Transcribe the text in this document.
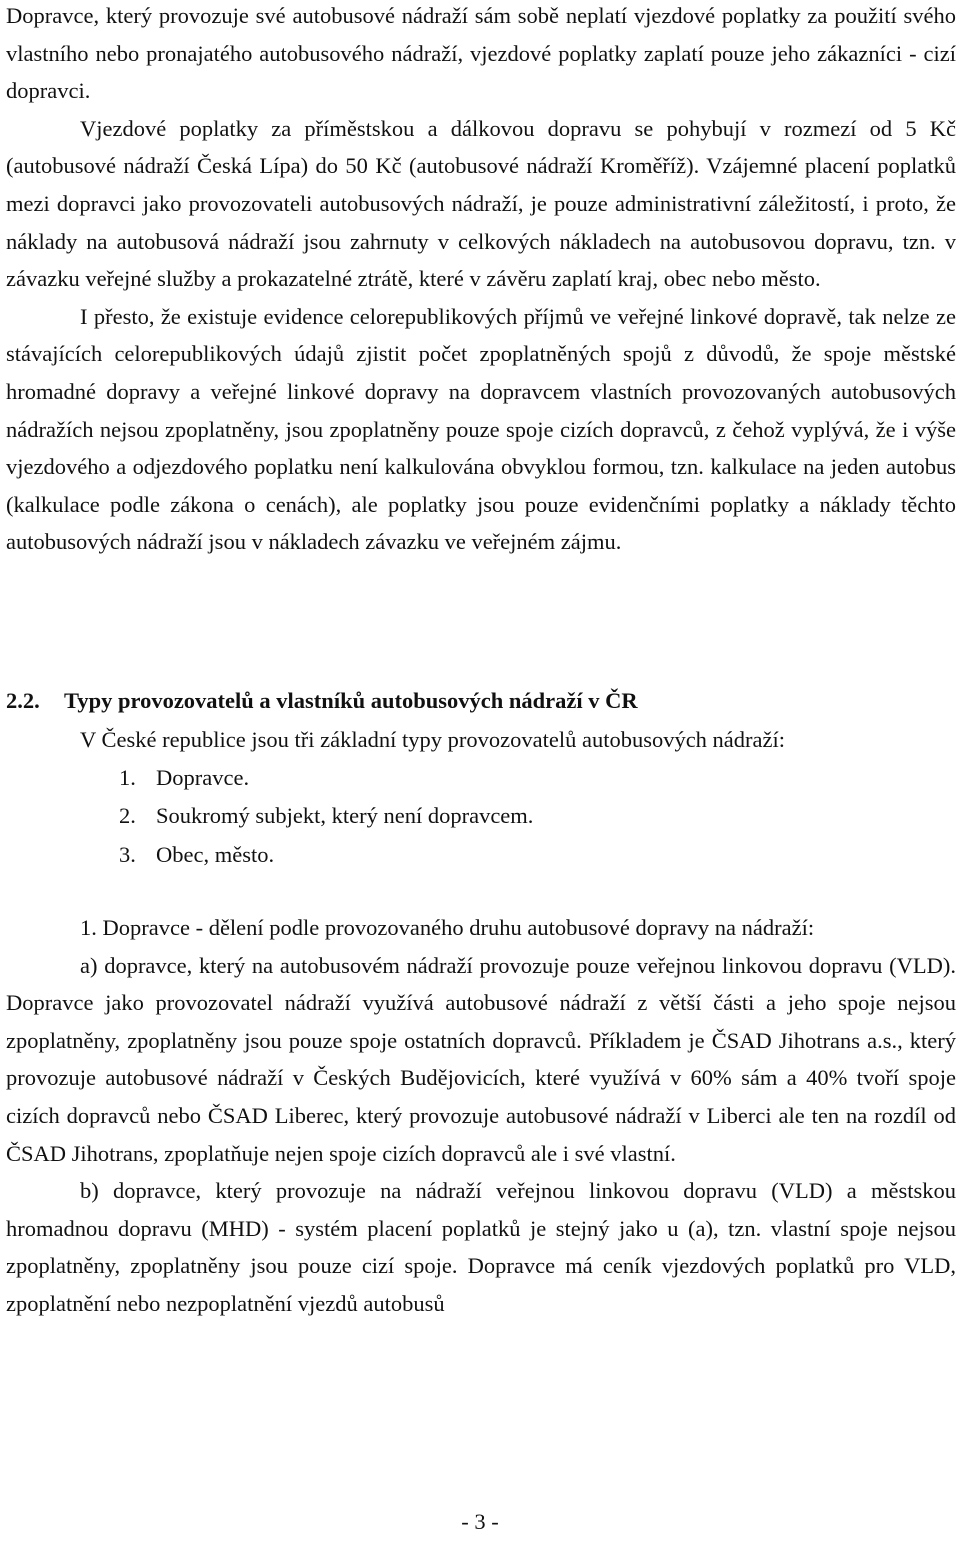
Dopravce, který provozuje své autobusové nádraží sám sobě neplatí vjezdové poplatky za použití svého vlastního nebo pronajatého autobusového nádraží, vjezdové poplatky zaplatí pouze jeho zákazníci - cizí dopravci.

Vjezdové poplatky za příměstskou a dálkovou dopravu se pohybují v rozmezí od 5 Kč (autobusové nádraží Česká Lípa) do 50 Kč (autobusové nádraží Kroměříž). Vzájemné placení poplatků mezi dopravci jako provozovateli autobusových nádraží, je pouze administrativní záležitostí, i proto, že náklady na autobusová nádraží jsou zahrnuty v celkových nákladech na autobusovou dopravu, tzn. v závazku veřejné služby a prokazatelné ztrátě, které v závěru zaplatí kraj, obec nebo město.

I přesto, že existuje evidence celorepublikových příjmů ve veřejné linkové dopravě, tak nelze ze stávajících celorepublikových údajů zjistit počet zpoplatněných spojů z důvodů, že spoje městské hromadné dopravy a veřejné linkové dopravy na dopravcem vlastních provozovaných autobusových nádražích nejsou zpoplatněny, jsou zpoplatněny pouze spoje cizích dopravců, z čehož vyplývá, že i výše vjezdového a odjezdového poplatku není kalkulována obvyklou formou, tzn. kalkulace na jeden autobus (kalkulace podle zákona o cenách), ale poplatky jsou pouze evidenčními poplatky a náklady těchto autobusových nádraží jsou v nákladech závazku ve veřejném zájmu.

2.2. Typy provozovatelů a vlastníků autobusových nádraží v ČR

V České republice jsou tři základní typy provozovatelů autobusových nádraží:

1. Dopravce.
2. Soukromý subjekt, který není dopravcem.
3. Obec, město.

1. Dopravce - dělení podle provozovaného druhu autobusové dopravy na nádraží:

a) dopravce, který na autobusovém nádraží provozuje pouze veřejnou linkovou dopravu (VLD). Dopravce jako provozovatel nádraží využívá autobusové nádraží z větší části a jeho spoje nejsou zpoplatněny, zpoplatněny jsou pouze spoje ostatních dopravců. Příkladem je ČSAD Jihotrans a.s., který provozuje autobusové nádraží v Českých Budějovicích, které využívá v 60% sám a 40% tvoří spoje cizích dopravců nebo ČSAD Liberec, který provozuje autobusové nádraží v Liberci ale ten na rozdíl od ČSAD Jihotrans, zpoplatňuje nejen spoje cizích dopravců ale i své vlastní.

b) dopravce, který provozuje na nádraží veřejnou linkovou dopravu (VLD) a městskou hromadnou dopravu (MHD) - systém placení poplatků je stejný jako u (a), tzn. vlastní spoje nejsou zpoplatněny, zpoplatněny jsou pouze cizí spoje. Dopravce má ceník vjezdových poplatků pro VLD, zpoplatnění nebo nezpoplatnění vjezdů autobusů

- 3 -
